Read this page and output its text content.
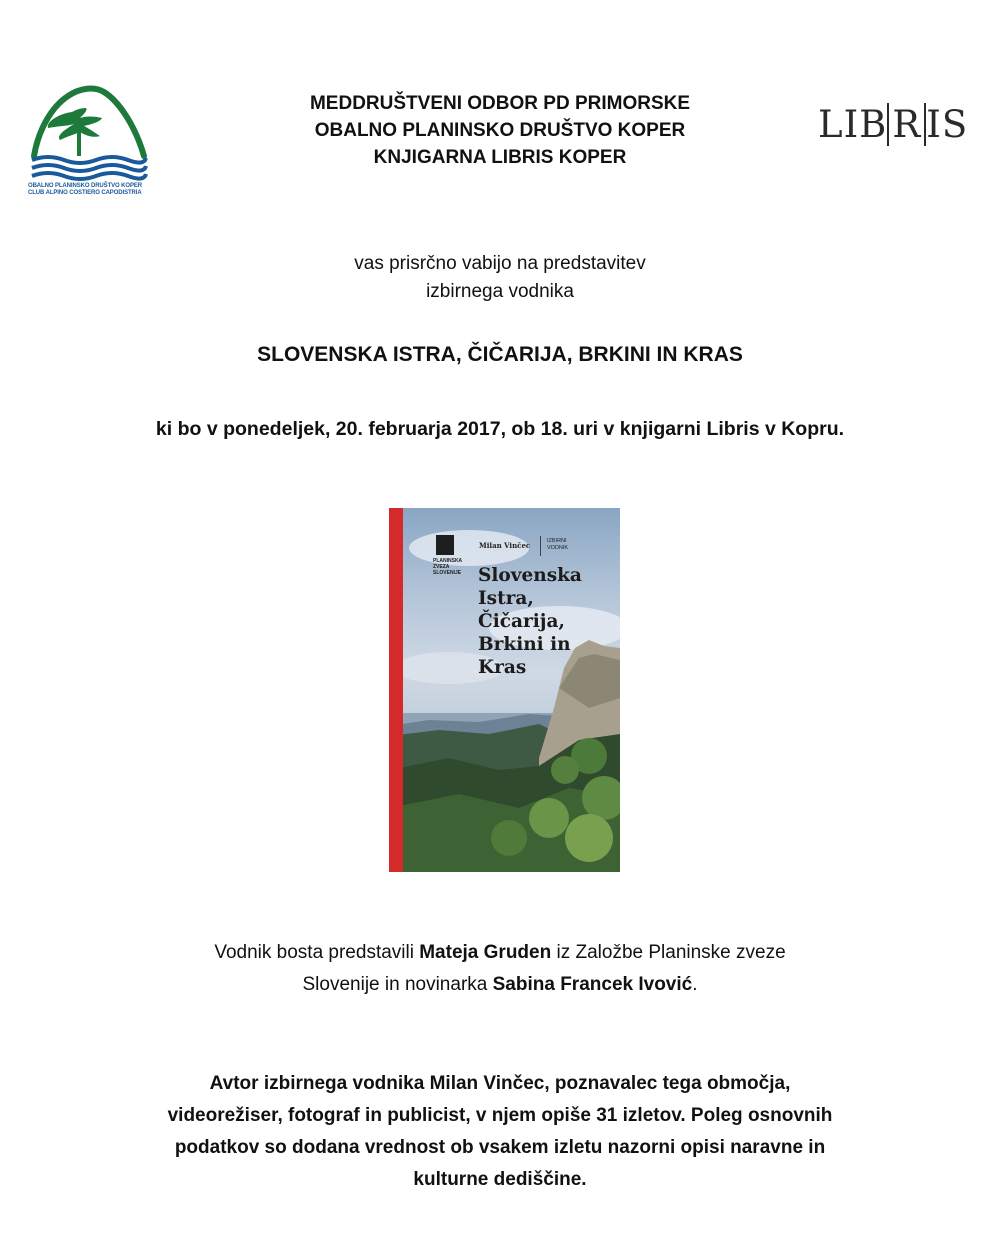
OBALNO PLANINSKO DRUŠTVO KOPER
CLUB ALPINO COSTIERO CAPODISTRIA
MEDDRUŠTVENI ODBOR PD PRIMORSKE
OBALNO PLANINSKO DRUŠTVO KOPER
KNJIGARNA LIBRIS KOPER
LIB R IS
vas prisrčno vabijo na predstavitev
izbirnega vodnika
SLOVENSKA ISTRA, ČIČARIJA, BRKINI IN KRAS
ki bo v ponedeljek, 20. februarja 2017, ob 18. uri v knjigarni Libris v Kopru.
PLANINSKA
ZVEZA
SLOVENIJE
Milan Vinčec	IZBIRNI
VODNIK
Slovenska
Istra,
Čičarija,
Brkini in
Kras
Vodnik bosta predstavili Mateja Gruden iz Založbe Planinske zveze
Slovenije in novinarka Sabina Francek Ivović.
Avtor izbirnega vodnika Milan Vinčec, poznavalec tega območja,
videorežiser, fotograf in publicist, v njem opiše 31 izletov. Poleg osnovnih
podatkov so dodana vrednost ob vsakem izletu nazorni opisi naravne in
kulturne dediščine.
